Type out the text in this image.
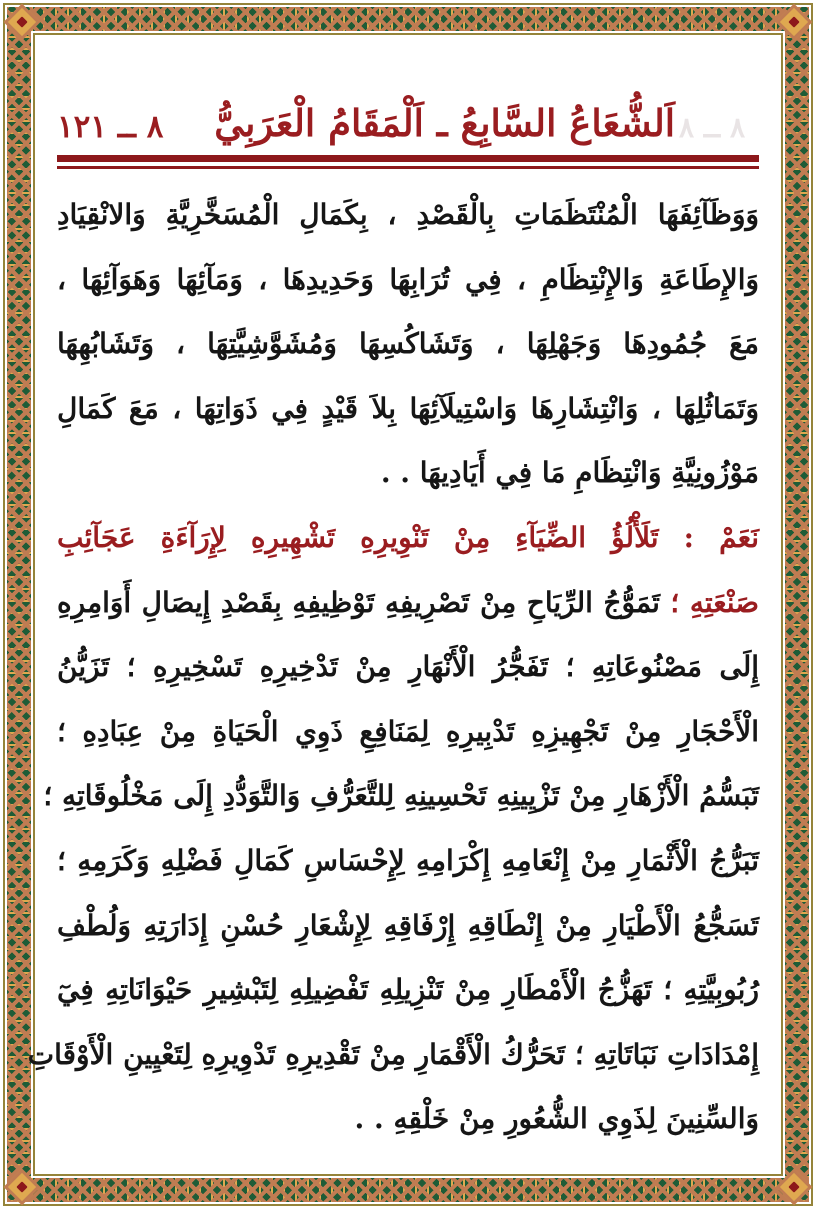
٨ ــ ٨
اَلشُّعَاعُ السَّابِعُ ـ اَلْمَقَامُ الْعَرَبِيُّ
٨ ــ ١٢١
وَوَظَآئِفَهَا الْمُنْتَظَمَاتِ بِالْقَصْدِ ، بِكَمَالِ الْمُسَخَّرِيَّةِ وَالانْقِيَادِ
وَالإِطَاعَةِ وَالإِنْتِظَامِ ، فِي تُرَابِهَا وَحَدِيدِهَا ، وَمَآئِهَا وَهَوَآئِهَا ،
مَعَ جُمُودِهَا وَجَهْلِهَا ، وَتَشَاكُسِهَا وَمُشَوَّشِيَّتِهَا ، وَتَشَابُهِهَا
وَتَمَاثُلِهَا ، وَانْتِشَارِهَا وَاسْتِيلَآئِهَا بِلاَ قَيْدٍ فِي ذَوَاتِهَا ، مَعَ كَمَالِ
مَوْزُونِيَّةِ وَانْتِظَامِ مَا فِي أَيَادِيهَا . .
نَعَمْ : تَلَأْلُؤُ الضِّيَآءِ مِنْ تَنْوِيرِهِ تَشْهِيرِهِ لِإِرَآءَةِ عَجَآئِبِ
صَنْعَتِهِ ؛ تَمَوُّجُ الرِّيَاحِ مِنْ تَصْرِيفِهِ تَوْظِيفِهِ بِقَصْدِ إِيصَالِ أَوَامِرِهِ
إِلَى مَصْنُوعَاتِهِ ؛ تَفَجُّرُ الْأَنْهَارِ مِنْ تَدْخِيرِهِ تَسْخِيرِهِ ؛ تَزَيُّنُ
الْأَحْجَارِ مِنْ تَجْهِيزِهِ تَدْبِيرِهِ لِمَنَافِعِ ذَوِي الْحَيَاةِ مِنْ عِبَادِهِ ؛
تَبَسُّمُ الْأَزْهَارِ مِنْ تَزْيِينِهِ تَحْسِينِهِ لِلتَّعَرُّفِ وَالتَّوَدُّدِ إِلَى مَخْلُوقَاتِهِ ؛
تَبَرُّجُ الْأَثْمَارِ مِنْ إِنْعَامِهِ إِكْرَامِهِ لِإِحْسَاسِ كَمَالِ فَضْلِهِ وَكَرَمِهِ ؛
تَسَجُّعُ الْأَطْيَارِ مِنْ إِنْطَاقِهِ إِرْفَاقِهِ لِإِشْعَارِ حُسْنِ إِدَارَتِهِ وَلُطْفِ
رُبُوبِيَّتِهِ ؛ تَهَزُّجُ الْأَمْطَارِ مِنْ تَنْزِيلِهِ تَفْضِيلِهِ لِتَبْشِيرِ حَيْوَانَاتِهِ فِيٓ
إِمْدَادَاتِ نَبَاتَاتِهِ ؛ تَحَرُّكُ الْأَقْمَارِ مِنْ تَقْدِيرِهِ تَدْوِيرِهِ لِتَعْيِينِ الْأَوْقَاتِ
وَالسِّنِينَ لِذَوِي الشُّعُورِ مِنْ خَلْقِهِ . .
